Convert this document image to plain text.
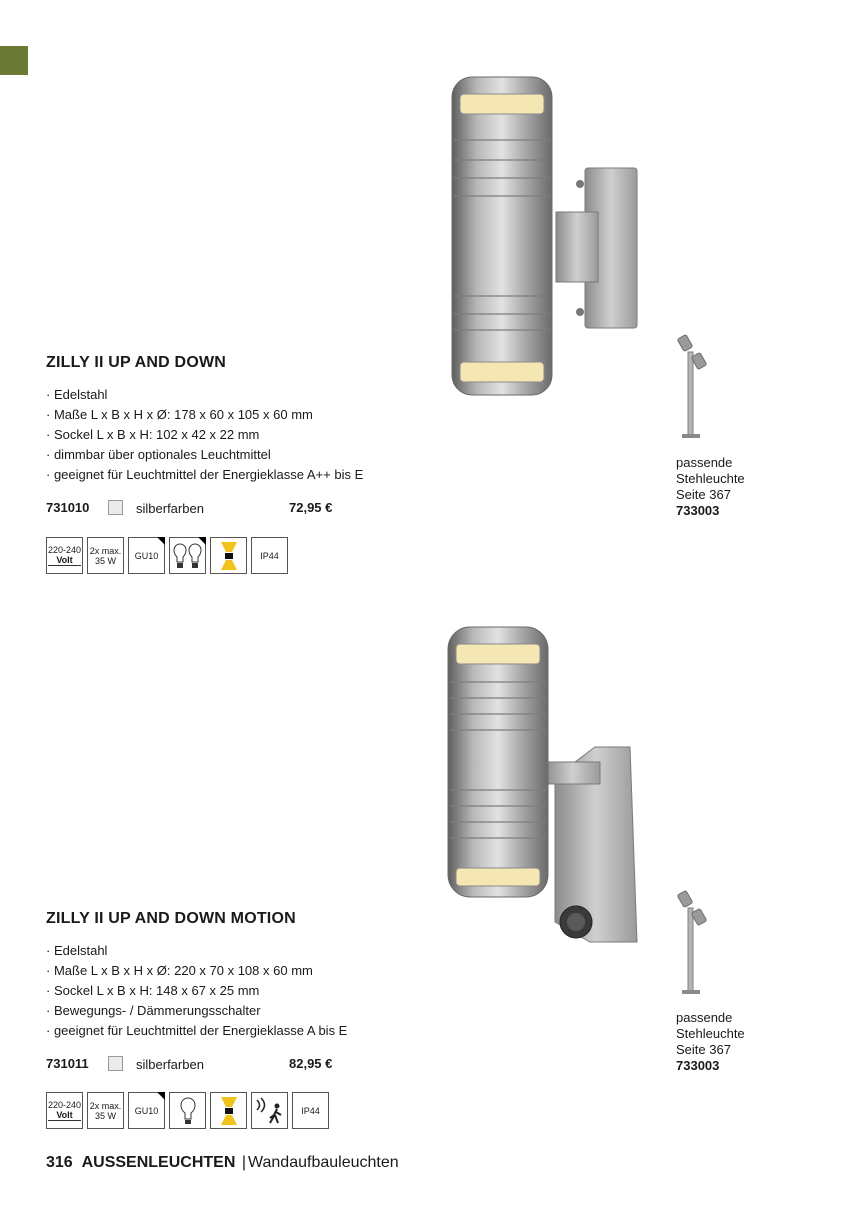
ZILLY II UP AND DOWN
· Edelstahl
· Maße L x B x H x Ø: 178 x 60 x 105 x 60 mm
· Sockel L x B x H: 102 x 42 x 22 mm
· dimmbar über optionales Leuchtmittel
· geeignet für Leuchtmittel der Energieklasse A++ bis E
731010	silberfarben	72,95 €
220-240
Volt
2x max.
35 W	GU10	IP44
passende
Stehleuchte
Seite 367
733003
ZILLY II UP AND DOWN MOTION
· Edelstahl
· Maße L x B x H x Ø: 220 x 70 x 108 x 60 mm
· Sockel L x B x H: 148 x 67 x 25 mm
· Bewegungs- / Dämmerungsschalter
· geeignet für Leuchtmittel der Energieklasse A bis E
731011	silberfarben	82,95 €
220-240
Volt
2x max.
35 W	GU10	IP44
passende
Stehleuchte
Seite 367
733003
316 AUSSENLEUCHTEN | Wandaufbauleuchten
